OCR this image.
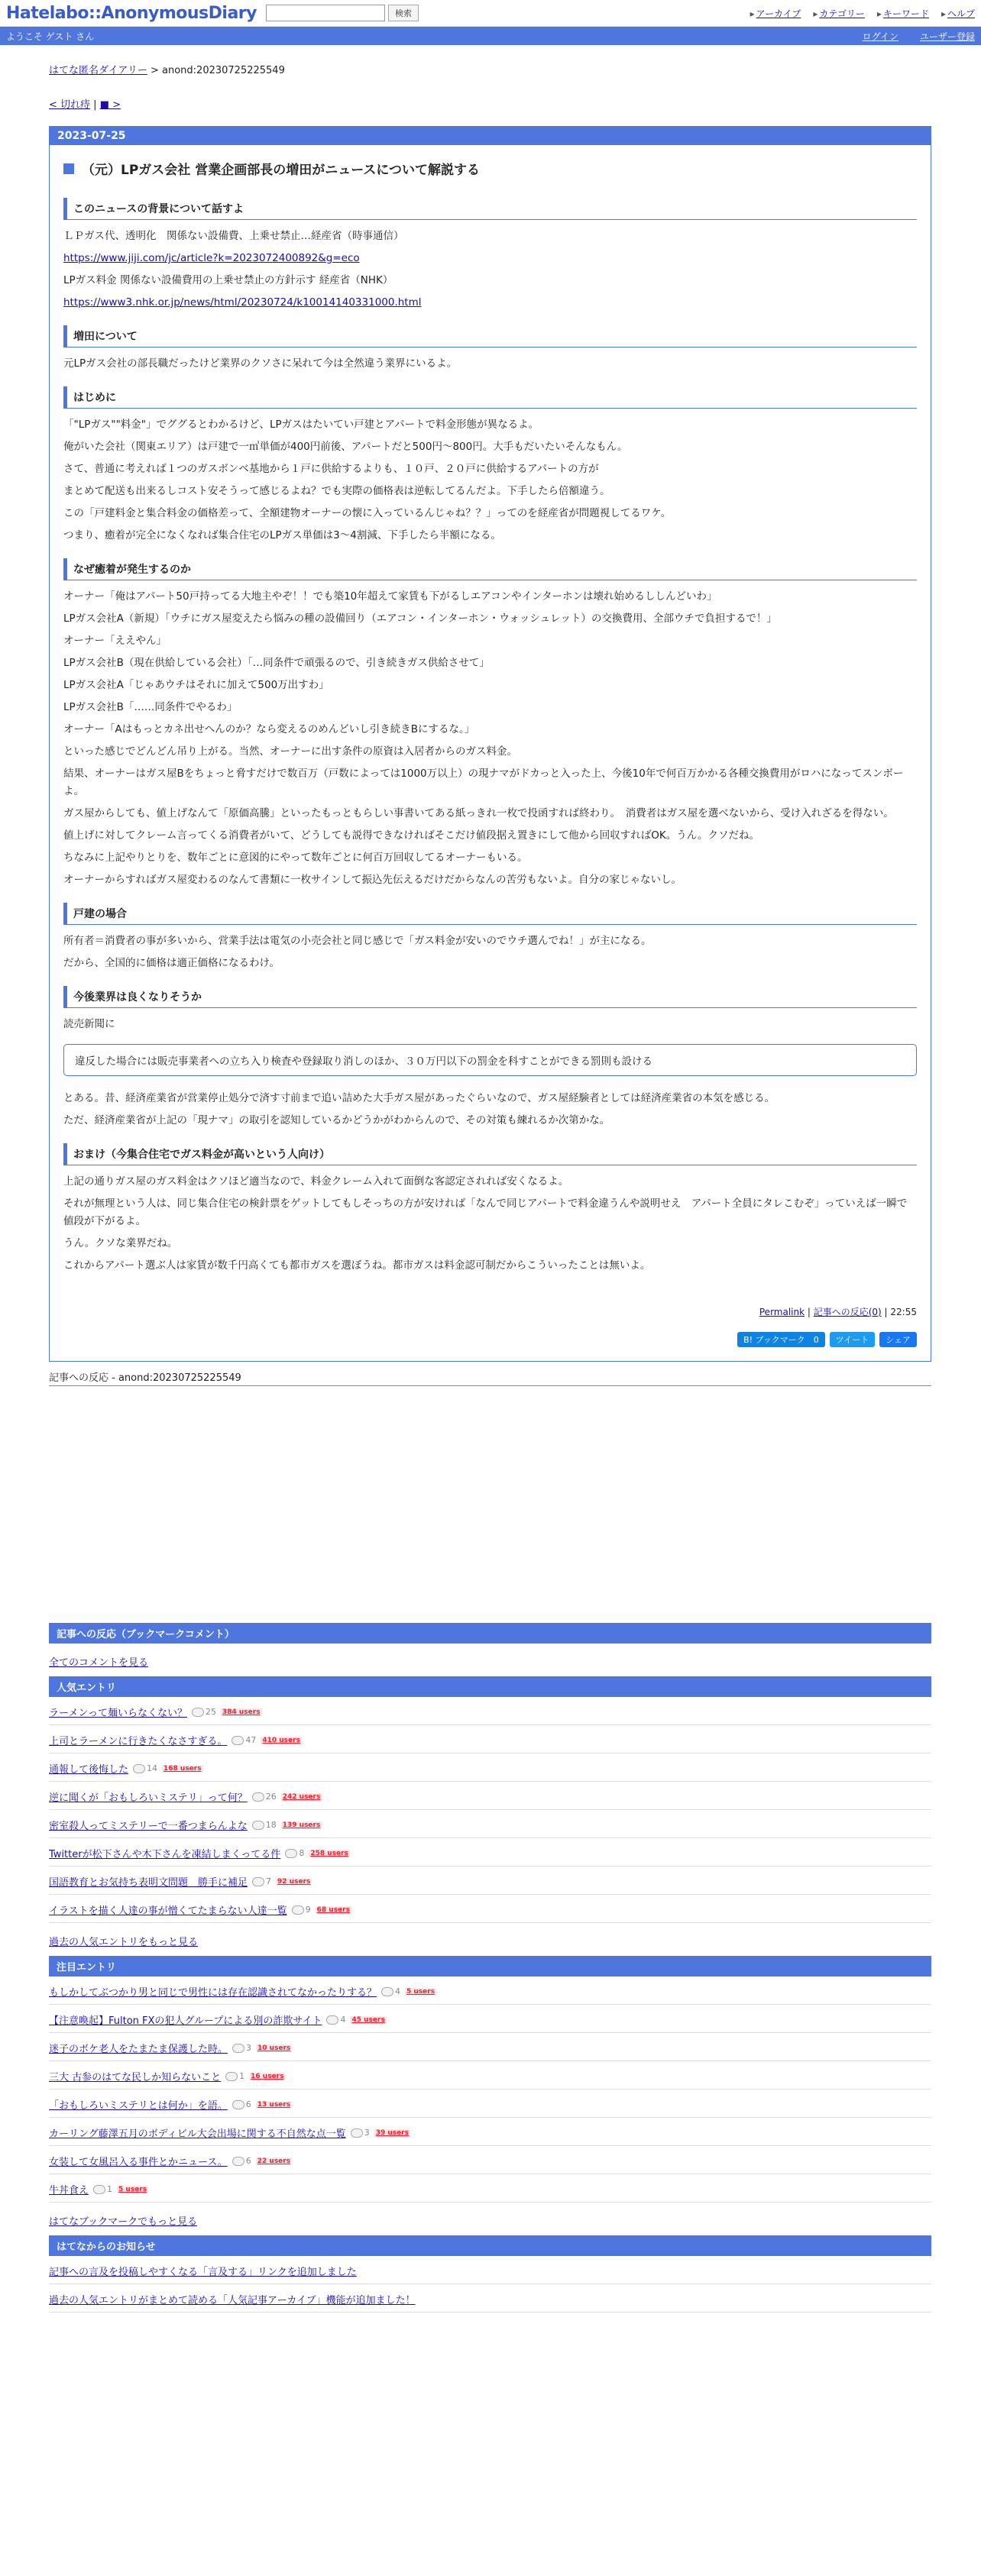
Hatelabo::AnonymousDiary	検索	▸ アーカイブ	▸ カテゴリー	▸ キーワード	▸ ヘルプ
ようこそ ゲスト さん	ログイン ユーザー登録
はてな匿名ダイアリー > anond:20230725225549
< 切れ痔 | ■ >
2023-07-25
（元）LPガス会社 営業企画部長の増田がニュースについて解説する
このニュースの背景について話すよ
ＬＰガス代、透明化　関係ない設備費、上乗せ禁止…経産省（時事通信）
https://www.jiji.com/jc/article?k=2023072400892&g=eco
LPガス料金 関係ない設備費用の上乗せ禁止の方針示す 経産省（NHK）
https://www3.nhk.or.jp/news/html/20230724/k10014140331000.html
増田について
元LPガス会社の部長職だったけど業界のクソさに呆れて今は全然違う業界にいるよ。
はじめに
「"LPガス""料金"」でググるとわかるけど、LPガスはたいてい戸建とアパートで料金形態が異なるよ。
俺がいた会社（関東エリア）は戸建で一㎥単価が400円前後、アパートだと500円〜800円。大手もだいたいそんなもん。
さて、普通に考えれば１つのガスボンベ基地から１戸に供給するよりも、１０戸、２０戸に供給するアパートの方が
まとめて配送も出来るしコスト安そうって感じるよね？でも実際の価格表は逆転してるんだよ。下手したら倍額違う。
この「戸建料金と集合料金の価格差って、全額建物オーナーの懐に入っているんじゃね？？」ってのを経産省が問題視してるワケ。
つまり、癒着が完全になくなれば集合住宅のLPガス単価は3〜4割減、下手したら半額になる。
なぜ癒着が発生するのか
オーナー「俺はアパート50戸持ってる大地主やぞ！！でも築10年超えて家賃も下がるしエアコンやインターホンは壊れ始めるししんどいわ」
LPガス会社A（新規）「ウチにガス屋変えたら悩みの種の設備回り（エアコン・インターホン・ウォッシュレット）の交換費用、全部ウチで負担するで！」
オーナー「ええやん」
LPガス会社B（現在供給している会社）「…同条件で頑張るので、引き続きガス供給させて」
LPガス会社A「じゃあウチはそれに加えて500万出すわ」
LPガス会社B「……同条件でやるわ」
オーナー「Aはもっとカネ出せへんのか？なら変えるのめんどいし引き続きBにするな。」
といった感じでどんどん吊り上がる。当然、オーナーに出す条件の原資は入居者からのガス料金。
結果、オーナーはガス屋Bをちょっと脅すだけで数百万（戸数によっては1000万以上）の現ナマがドカっと入った上、今後10年で何百万かかる各種交換費用がロハになってスンボーよ。
ガス屋からしても、値上げなんて「原価高騰」といったもっともらしい事書いてある紙っきれ一枚で投函すれば終わり。　消費者はガス屋を選べないから、受け入れざるを得ない。
値上げに対してクレーム言ってくる消費者がいて、どうしても説得できなければそこだけ値段据え置きにして他から回収すればOK。うん。クソだね。
ちなみに上記やりとりを、数年ごとに意図的にやって数年ごとに何百万回収してるオーナーもいる。
オーナーからすればガス屋変わるのなんて書類に一枚サインして振込先伝えるだけだからなんの苦労もないよ。自分の家じゃないし。
戸建の場合
所有者＝消費者の事が多いから、営業手法は電気の小売会社と同じ感じで「ガス料金が安いのでウチ選んでね！」が主になる。
だから、全国的に価格は適正価格になるわけ。
今後業界は良くなりそうか
読売新聞に
違反した場合には販売事業者への立ち入り検査や登録取り消しのほか、３０万円以下の罰金を科すことができる罰則も設ける
とある。昔、経済産業省が営業停止処分で済す寸前まで追い詰めた大手ガス屋があったぐらいなので、ガス屋経験者としては経済産業省の本気を感じる。
ただ、経済産業省が上記の「現ナマ」の取引を認知しているかどうかがわからんので、その対策も練れるか次第かな。
おまけ（今集合住宅でガス料金が高いという人向け）
上記の通りガス屋のガス料金はクソほど適当なので、料金クレーム入れて面倒な客認定されれば安くなるよ。
それが無理という人は、同じ集合住宅の検針票をゲットしてもしそっちの方が安ければ「なんで同じアパートで料金違うんや説明せえ　アパート全員にタレこむぞ」っていえば一瞬で値段が下がるよ。
うん。クソな業界だね。
これからアパート選ぶ人は家賃が数千円高くても都市ガスを選ぼうね。都市ガスは料金認可制だからこういったことは無いよ。
Permalink | 記事への反応(0) | 22:55
B! ブックマーク　0	ツイート	シェア
記事への反応 - anond:20230725225549
記事への反応（ブックマークコメント）
全てのコメントを見る
人気エントリ
ラーメンって麺いらなくない？ 25 384 users
上司とラーメンに行きたくなさすぎる。 47 410 users
通報して後悔した 14 168 users
逆に聞くが「おもしろいミステリ」って何？ 26 242 users
密室殺人ってミステリーで一番つまらんよな 18 139 users
Twitterが松下さんや木下さんを凍結しまくってる件 8 258 users
国語教育とお気持ち表明文問題　勝手に補足 7 92 users
イラストを描く人達の事が憎くてたまらない人達一覧 9 68 users
過去の人気エントリをもっと見る
注目エントリ
もしかしてぶつかり男と同じで男性には存在認識されてなかったりする？ 4 5 users
【注意喚起】Fulton FXの犯人グループによる別の詐欺サイト 4 45 users
迷子のボケ老人をたまたま保護した時。 3 10 users
三大 古参のはてな民しか知らないこと 1 16 users
「おもしろいミステリとは何か」を語。 6 13 users
カーリング藤澤五月のボディビル大会出場に関する不自然な点一覧 3 39 users
女装して女風呂入る事件とかニュース。 6 22 users
牛丼食え 1 5 users
はてなブックマークでもっと見る
はてなからのお知らせ
記事への言及を投稿しやすくなる「言及する」リンクを追加しました
過去の人気エントリがまとめて読める「人気記事アーカイブ」機能が追加ました！
